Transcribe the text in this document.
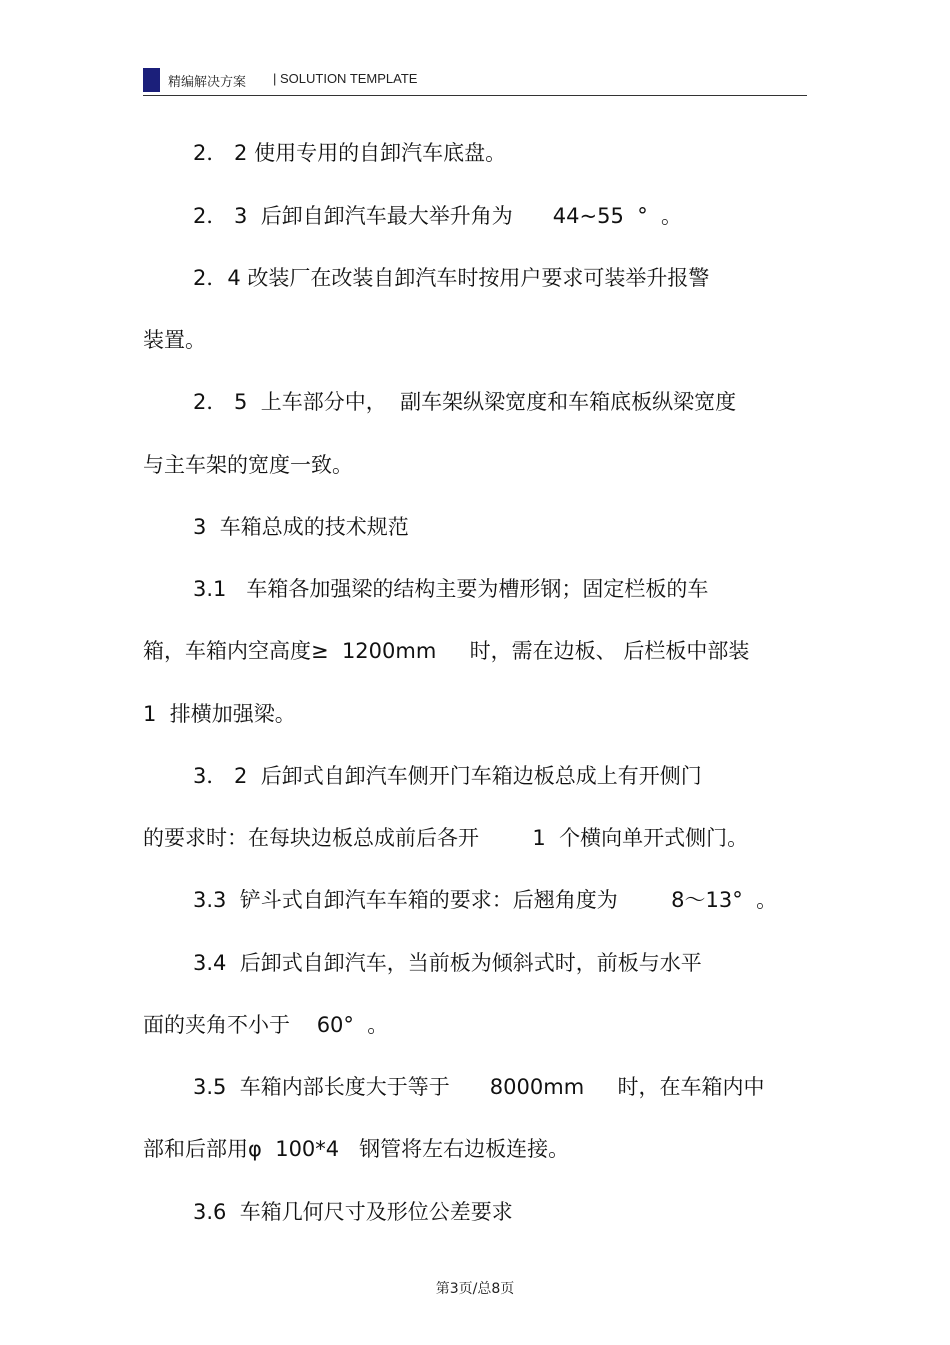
精编解决方案 | SOLUTION TEMPLATE
2． 2 使用专用的自卸汽车底盘。
2． 3  后卸自卸汽车最大举升角为      44~55  °  。
2．4 改装厂在改装自卸汽车时按用户要求可装举升报警
装置。
2． 5  上车部分中，  副车架纵梁宽度和车箱底板纵梁宽度
与主车架的宽度一致。
3  车箱总成的技术规范
3.1   车箱各加强梁的结构主要为槽形钢；固定栏板的车
箱，车箱内空高度≥  1200mm     时，需在边板、 后栏板中部装
1  排横加强梁。
3． 2  后卸式自卸汽车侧开门车箱边板总成上有开侧门
的要求时：在每块边板总成前后各开        1  个横向单开式侧门。
3.3  铲斗式自卸汽车车箱的要求：后翘角度为        8～13°  。
3.4  后卸式自卸汽车，当前板为倾斜式时，前板与水平
面的夹角不小于    60°  。
3.5  车箱内部长度大于等于      8000mm     时，在车箱内中
部和后部用φ  100*4   钢管将左右边板连接。
3.6  车箱几何尺寸及形位公差要求
第3页/总8页
